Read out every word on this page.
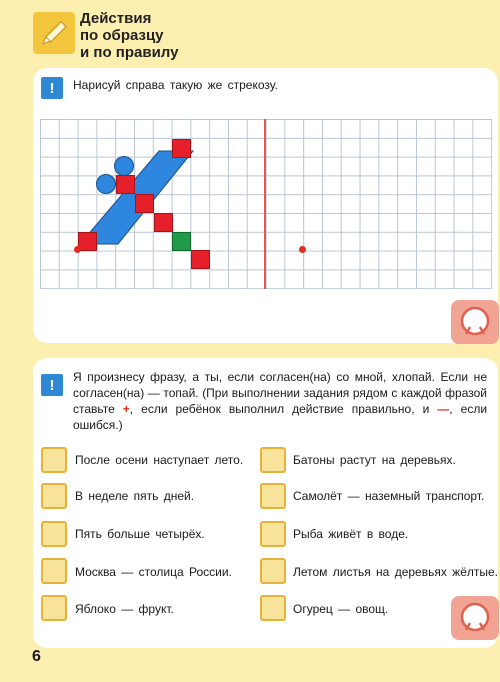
Действия
по образцу
и по правилу
!	Нарисуй справа такую же стрекозу.
!	Я произнесу фразу, а ты, если согласен(на) со мной, хлопай. Если не согласен(на) — топай. (При выполнении задания рядом с каждой фразой ставьте +, если ребёнок выполнил действие правильно, и —, если ошибся.)
После осени наступает лето.
В неделе пять дней.
Пять больше четырёх.
Москва — столица России.
Яблоко — фрукт.
Батоны растут на деревьях.
Самолёт — наземный транспорт.
Рыба живёт в воде.
Летом листья на деревьях жёлтые.
Огурец — овощ.
6
